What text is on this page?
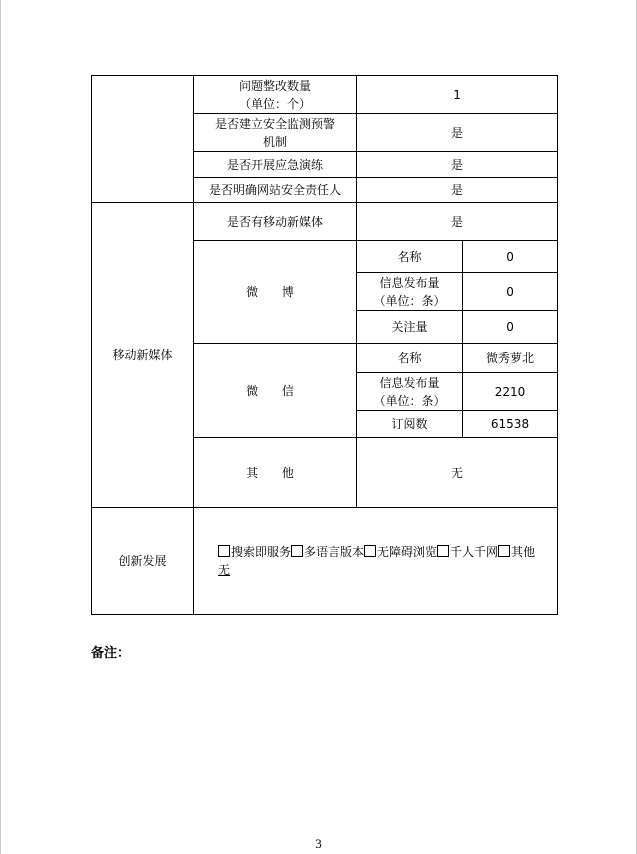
	问题整改数量
（单位：个）	1	

	是否建立安全监测预警
机制	是	
	是否开展应急演练	是	
	是否明确网站安全责任人	是	
移动新媒体	是否有移动新媒体	是	
	微 博	名称	0

		信息发布量
（单位：条）	0
		关注量	0
	微 信	名称	微秀萝北

		信息发布量
（单位：条）	2210
		订阅数	61538
	其 他	无	
创新发展	搜索即服务 多语言版本 无障碍浏览 千人千网 其他
无		
备注：
3
